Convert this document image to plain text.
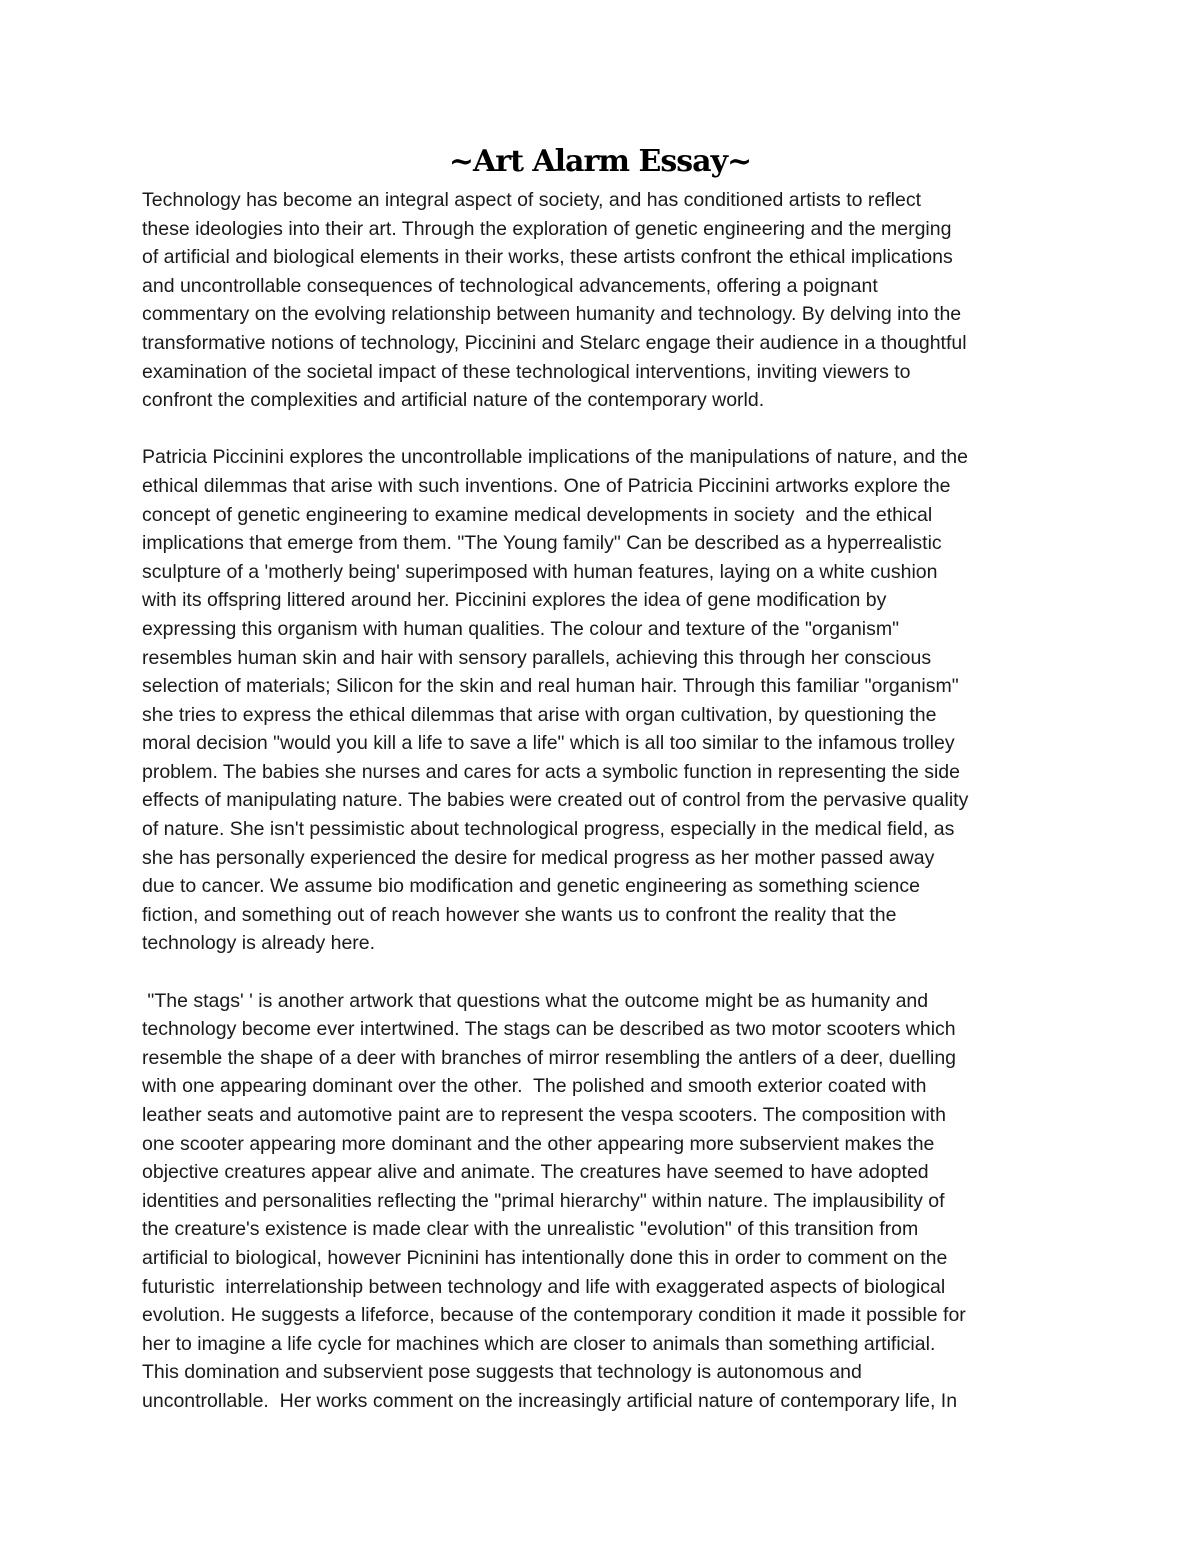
~Art Alarm Essay~
Technology has become an integral aspect of society, and has conditioned artists to reflect
these ideologies into their art. Through the exploration of genetic engineering and the merging
of artificial and biological elements in their works, these artists confront the ethical implications
and uncontrollable consequences of technological advancements, offering a poignant
commentary on the evolving relationship between humanity and technology. By delving into the
transformative notions of technology, Piccinini and Stelarc engage their audience in a thoughtful
examination of the societal impact of these technological interventions, inviting viewers to
confront the complexities and artificial nature of the contemporary world.
Patricia Piccinini explores the uncontrollable implications of the manipulations of nature, and the
ethical dilemmas that arise with such inventions. One of Patricia Piccinini artworks explore the
concept of genetic engineering to examine medical developments in society  and the ethical
implications that emerge from them. "The Young family" Can be described as a hyperrealistic
sculpture of a 'motherly being' superimposed with human features, laying on a white cushion
with its offspring littered around her. Piccinini explores the idea of gene modification by
expressing this organism with human qualities. The colour and texture of the "organism"
resembles human skin and hair with sensory parallels, achieving this through her conscious
selection of materials; Silicon for the skin and real human hair. Through this familiar "organism"
she tries to express the ethical dilemmas that arise with organ cultivation, by questioning the
moral decision "would you kill a life to save a life" which is all too similar to the infamous trolley
problem. The babies she nurses and cares for acts a symbolic function in representing the side
effects of manipulating nature. The babies were created out of control from the pervasive quality
of nature. She isn't pessimistic about technological progress, especially in the medical field, as
she has personally experienced the desire for medical progress as her mother passed away
due to cancer. We assume bio modification and genetic engineering as something science
fiction, and something out of reach however she wants us to confront the reality that the
technology is already here.
"The stags' ' is another artwork that questions what the outcome might be as humanity and
technology become ever intertwined. The stags can be described as two motor scooters which
resemble the shape of a deer with branches of mirror resembling the antlers of a deer, duelling
with one appearing dominant over the other.  The polished and smooth exterior coated with
leather seats and automotive paint are to represent the vespa scooters. The composition with
one scooter appearing more dominant and the other appearing more subservient makes the
objective creatures appear alive and animate. The creatures have seemed to have adopted
identities and personalities reflecting the "primal hierarchy" within nature. The implausibility of
the creature's existence is made clear with the unrealistic "evolution" of this transition from
artificial to biological, however Picninini has intentionally done this in order to comment on the
futuristic  interrelationship between technology and life with exaggerated aspects of biological
evolution. He suggests a lifeforce, because of the contemporary condition it made it possible for
her to imagine a life cycle for machines which are closer to animals than something artificial.
This domination and subservient pose suggests that technology is autonomous and
uncontrollable.  Her works comment on the increasingly artificial nature of contemporary life, In
